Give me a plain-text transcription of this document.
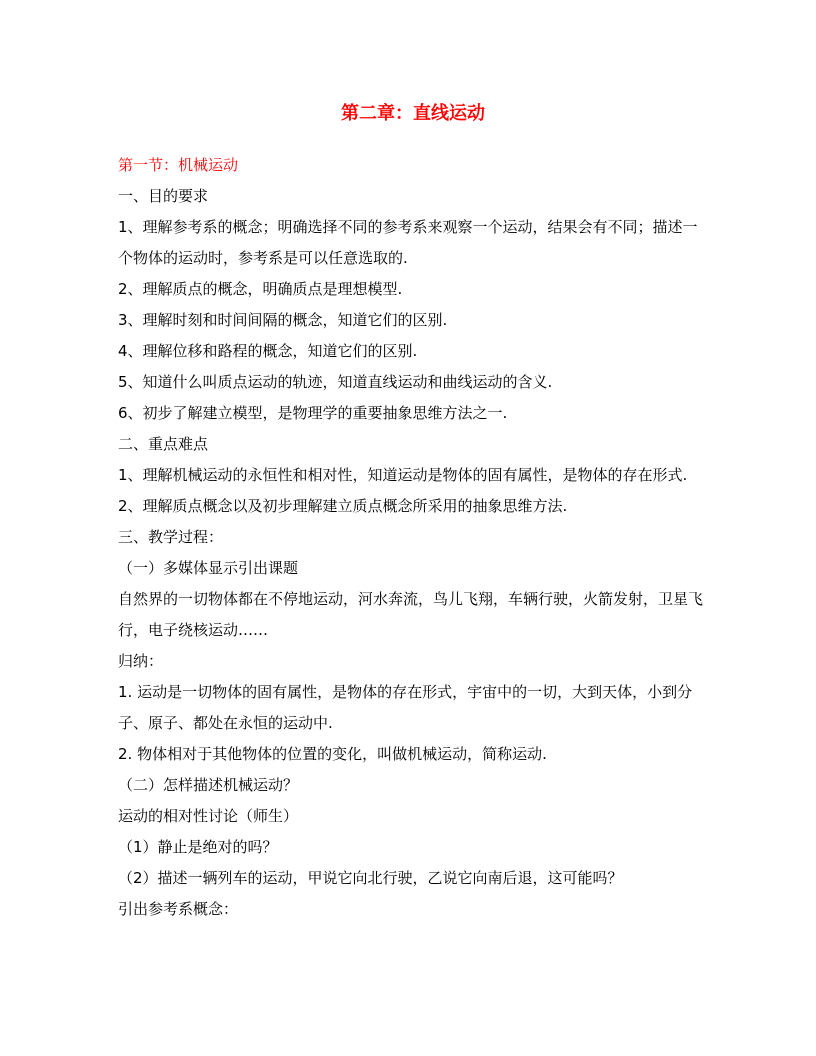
第二章：直线运动

第一节：机械运动

一、目的要求

1、理解参考系的概念；明确选择不同的参考系来观察一个运动，结果会有不同；描述一个物体的运动时，参考系是可以任意选取的.

2、理解质点的概念，明确质点是理想模型.

3、理解时刻和时间间隔的概念，知道它们的区别.

4、理解位移和路程的概念，知道它们的区别.

5、知道什么叫质点运动的轨迹，知道直线运动和曲线运动的含义.

6、初步了解建立模型，是物理学的重要抽象思维方法之一.

二、重点难点

1、理解机械运动的永恒性和相对性，知道运动是物体的固有属性，是物体的存在形式.

2、理解质点概念以及初步理解建立质点概念所采用的抽象思维方法.

三、教学过程：

（一）多媒体显示引出课题

自然界的一切物体都在不停地运动，河水奔流，鸟儿飞翔，车辆行驶，火箭发射，卫星飞行，电子绕核运动……

归纳：

1. 运动是一切物体的固有属性，是物体的存在形式，宇宙中的一切，大到天体，小到分子、原子、都处在永恒的运动中.

2. 物体相对于其他物体的位置的变化，叫做机械运动，简称运动.

（二）怎样描述机械运动？

运动的相对性讨论（师生）

（1）静止是绝对的吗？

（2）描述一辆列车的运动，甲说它向北行驶，乙说它向南后退，这可能吗？

引出参考系概念：
